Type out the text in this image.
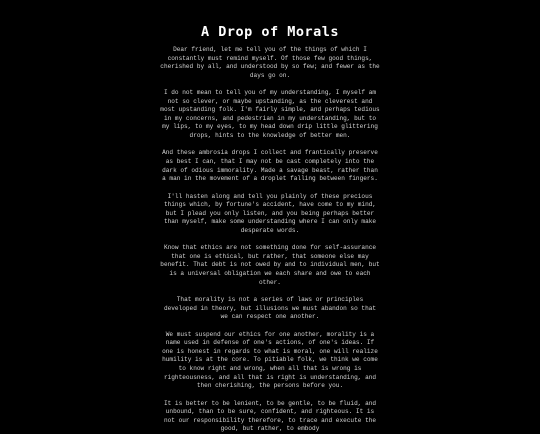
A Drop of Morals

Dear friend, let me tell you of the things of which I constantly must remind myself. Of those few good things, cherished by all, and understood by so few; and fewer as the days go on.

I do not mean to tell you of my understanding, I myself am not so clever, or maybe upstanding, as the cleverest and most upstanding folk. I'm fairly simple, and perhaps tedious in my concerns, and pedestrian in my understanding, but to my lips, to my eyes, to my head down drip little glittering drops, hints to the knowledge of better men.

And these ambrosia drops I collect and frantically preserve as best I can, that I may not be cast completely into the dark of odious immorality. Made a savage beast, rather than a man in the movement of a droplet falling between fingers.

I'll hasten along and tell you plainly of these precious things which, by fortune's accident, have come to my mind, but I plead you only listen, and you being perhaps better than myself, make some understanding where I can only make desperate words.

Know that ethics are not something done for self-assurance that one is ethical, but rather, that someone else may benefit. That debt is not owed by and to individual men, but is a universal obligation we each share and owe to each other.

That morality is not a series of laws or principles developed in theory, but illusions we must abandon so that we can respect one another.

We must suspend our ethics for one another, morality is a name used in defense of one's actions, of one's ideas. If one is honest in regards to what is moral, one will realize humility is at the core. To pitiable folk, we think we come to know right and wrong, when all that is wrong is righteousness, and all that is right is understanding, and then cherishing, the persons before you.

It is better to be lenient, to be gentle, to be fluid, and unbound, than to be sure, confident, and righteous. It is not our responsibility therefore, to trace and execute the good, but rather, to embody
